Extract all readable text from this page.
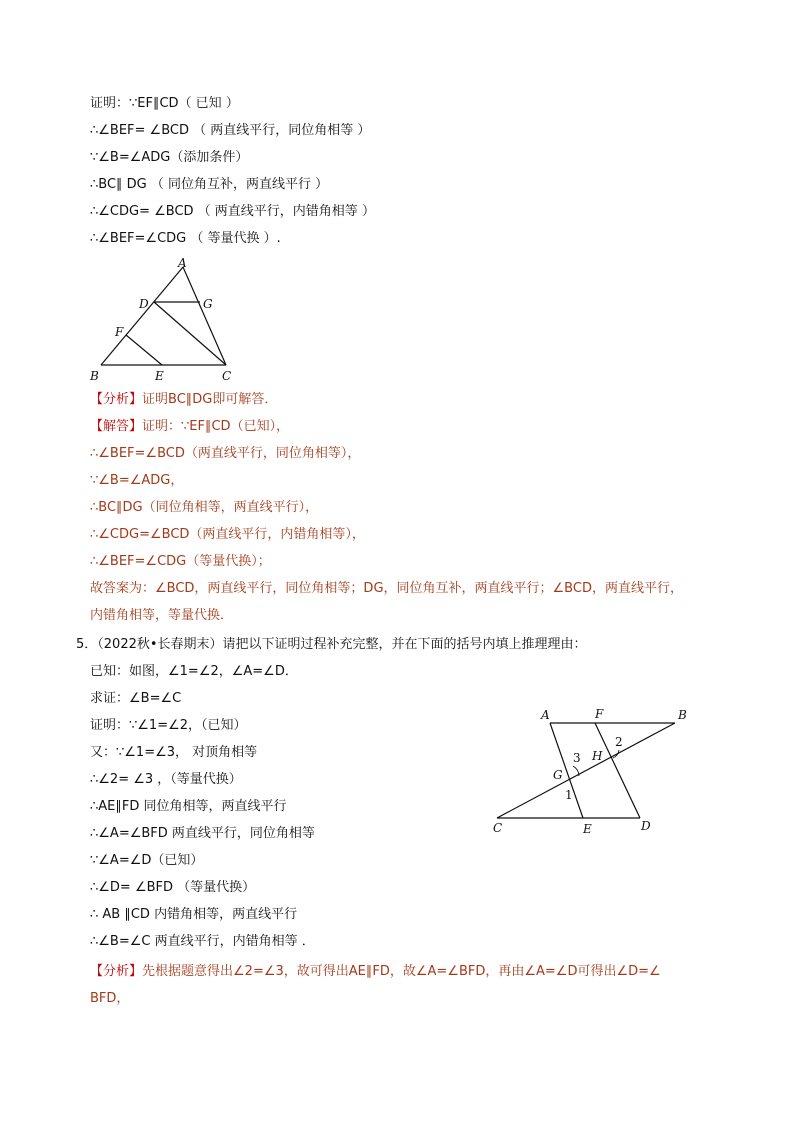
证明：∵EF∥CD（ 已知 ）
∴∠BEF= ∠BCD （ 两直线平行，同位角相等 ）
∵∠B=∠ADG（添加条件）
∴BC∥ DG （ 同位角互补，两直线平行 ）
∴∠CDG= ∠BCD （ 两直线平行，内错角相等 ）
∴∠BEF=∠CDG （ 等量代换 ）.
A
D	G
F
B	E	C
【分析】证明BC∥DG即可解答．
【解答】证明：∵EF∥CD（已知），
∴∠BEF=∠BCD（两直线平行，同位角相等），
∵∠B=∠ADG，
∴BC∥DG（同位角相等，两直线平行），
∴∠CDG=∠BCD（两直线平行，内错角相等），
∴∠BEF=∠CDG（等量代换）；
故答案为：∠BCD，两直线平行，同位角相等；DG，同位角互补，两直线平行；∠BCD，两直线平行，
内错角相等，等量代换．
5．（2022秋•长春期末）请把以下证明过程补充完整，并在下面的括号内填上推理理由：
已知：如图，∠1=∠2，∠A=∠D．
求证：∠B=∠C
证明：∵∠1=∠2，（已知）
又：∵∠1=∠3， 对顶角相等
∴∠2= ∠3 ，（等量代换）
∴AE∥FD 同位角相等，两直线平行
∴∠A=∠BFD 两直线平行，同位角相等
∵∠A=∠D（已知）
∴∠D= ∠BFD （等量代换）
∴ AB ∥CD 内错角相等，两直线平行
∴∠B=∠C 两直线平行，内错角相等 ．
A	F	B
H
2
3
G
1
C	E	D
【分析】先根据题意得出∠2=∠3，故可得出AE∥FD，故∠A=∠BFD，再由∠A=∠D可得出∠D=∠
BFD，
